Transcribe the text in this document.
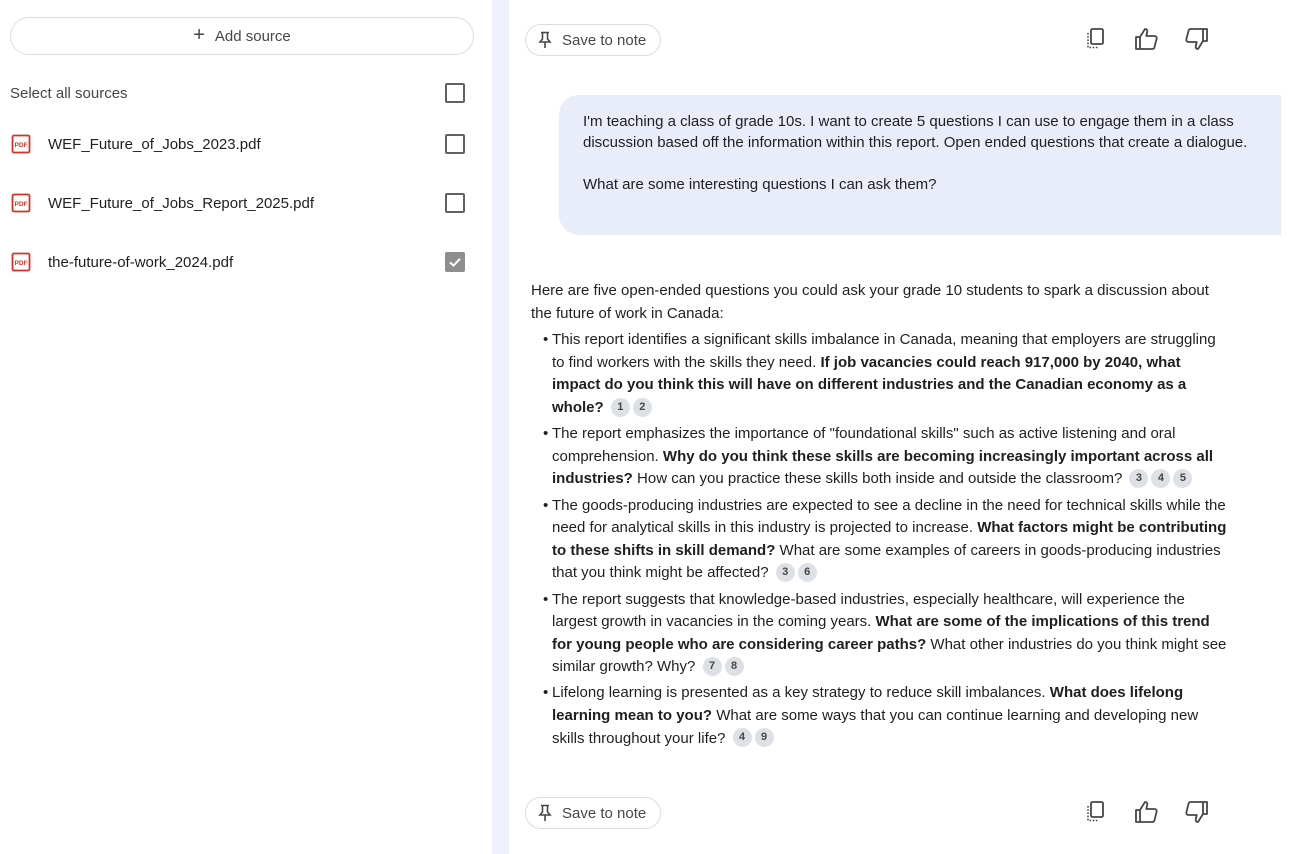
+ Add source
Select all sources
PDF WEF_Future_of_Jobs_2023.pdf
PDF WEF_Future_of_Jobs_Report_2025.pdf
PDF the-future-of-work_2024.pdf
Save to note

I'm teaching a class of grade 10s. I want to create 5 questions I can use to engage them in a class discussion based off the information within this report. Open ended questions that create a dialogue.

What are some interesting questions I can ask them?

Here are five open-ended questions you could ask your grade 10 students to spark a discussion about the future of work in Canada:

• This report identifies a significant skills imbalance in Canada, meaning that employers are struggling to find workers with the skills they need. If job vacancies could reach 917,000 by 2040, what impact do you think this will have on different industries and the Canadian economy as a whole? 1 2
• The report emphasizes the importance of "foundational skills" such as active listening and oral comprehension. Why do you think these skills are becoming increasingly important across all industries? How can you practice these skills both inside and outside the classroom? 3 4 5
• The goods-producing industries are expected to see a decline in the need for technical skills while the need for analytical skills in this industry is projected to increase. What factors might be contributing to these shifts in skill demand? What are some examples of careers in goods-producing industries that you think might be affected? 3 6
• The report suggests that knowledge-based industries, especially healthcare, will experience the largest growth in vacancies in the coming years. What are some of the implications of this trend for young people who are considering career paths? What other industries do you think might see similar growth? Why? 7 8
• Lifelong learning is presented as a key strategy to reduce skill imbalances. What does lifelong learning mean to you? What are some ways that you can continue learning and developing new skills throughout your life? 4 9
Save to note
